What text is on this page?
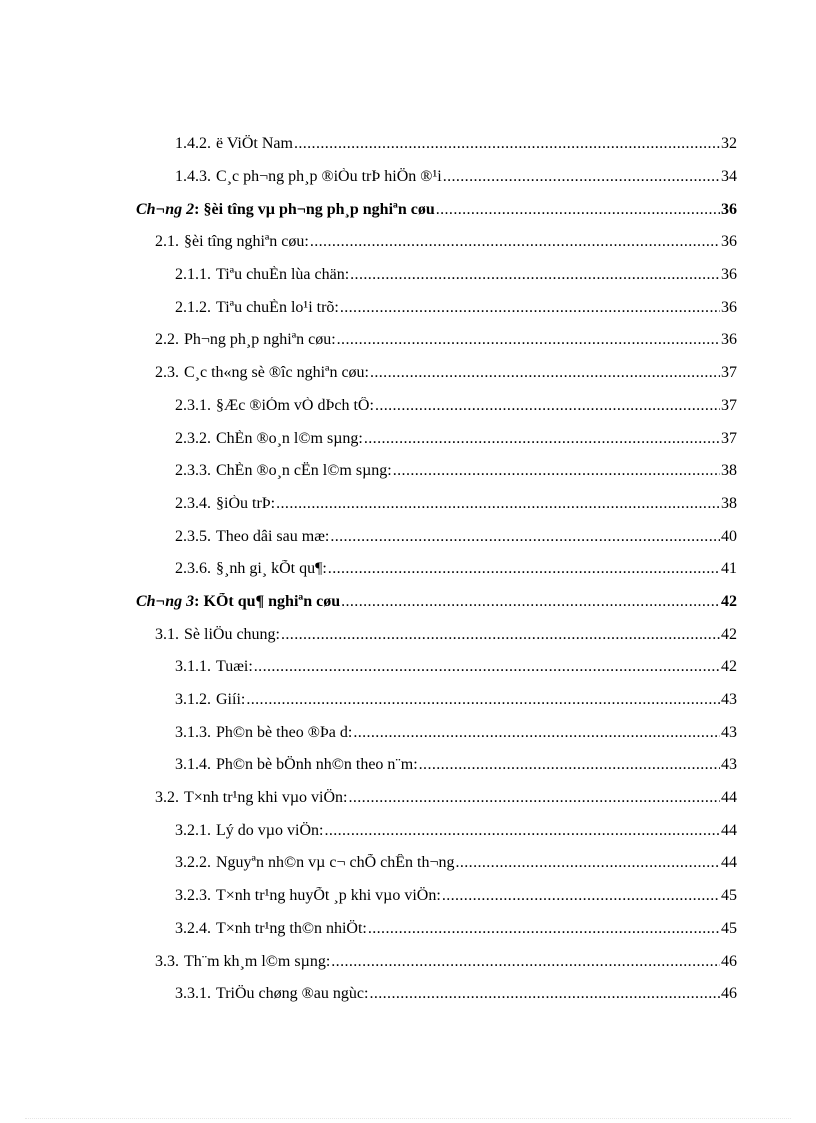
1.4.2. ë ViÖt Nam .....	32
1.4.3. C¸c ph¬ng ph¸p ®iÒu trÞ hiÖn ®¹i .....	34
Ch¬ng 2 : §èi tîng vµ ph¬ng ph¸p nghiªn cøu .....	36
2.1. §èi tîng nghiªn cøu: .....	36
2.1.1. Tiªu chuÈn lùa chän: .....	36
2.1.2. Tiªu chuÈn lo¹i trõ: .....	36
2.2. Ph¬ng ph¸p nghiªn cøu: .....	36
2.3. C¸c th«ng sè ®îc nghiªn cøu: .....	37
2.3.1. §Æc ®iÓm vÒ dÞch tÔ: .....	37
2.3.2. ChÈn ®o¸n l©m sµng: .....	37
2.3.3. ChÈn ®o¸n cËn l©m sµng: .....	38
2.3.4. §iÒu trÞ: .....	38
2.3.5. Theo dâi sau mæ: .....	40
2.3.6. §¸nh gi¸ kÕt qu¶: .....	41
Ch¬ng 3 : KÕt qu¶ nghiªn cøu .....	42
3.1. Sè liÖu chung: .....	42
3.1.1. Tuæi: .....	42
3.1.2. Giíi: .....	43
3.1.3. Ph©n bè theo ®Þa d: .....	43
3.1.4. Ph©n bè bÖnh nh©n theo n¨m: .....	43
3.2. T×nh tr¹ng khi vµo viÖn: .....	44
3.2.1. Lý do vµo viÖn: .....	44
3.2.2. Nguyªn nh©n vµ c¬ chÕ chÊn th¬ng .....	44
3.2.3. T×nh tr¹ng huyÕt ¸p khi vµo viÖn: .....	45
3.2.4. T×nh tr¹ng th©n nhiÖt: .....	45
3.3. Th¨m kh¸m l©m sµng: .....	46
3.3.1. TriÖu chøng ®au ngùc: .....	46
